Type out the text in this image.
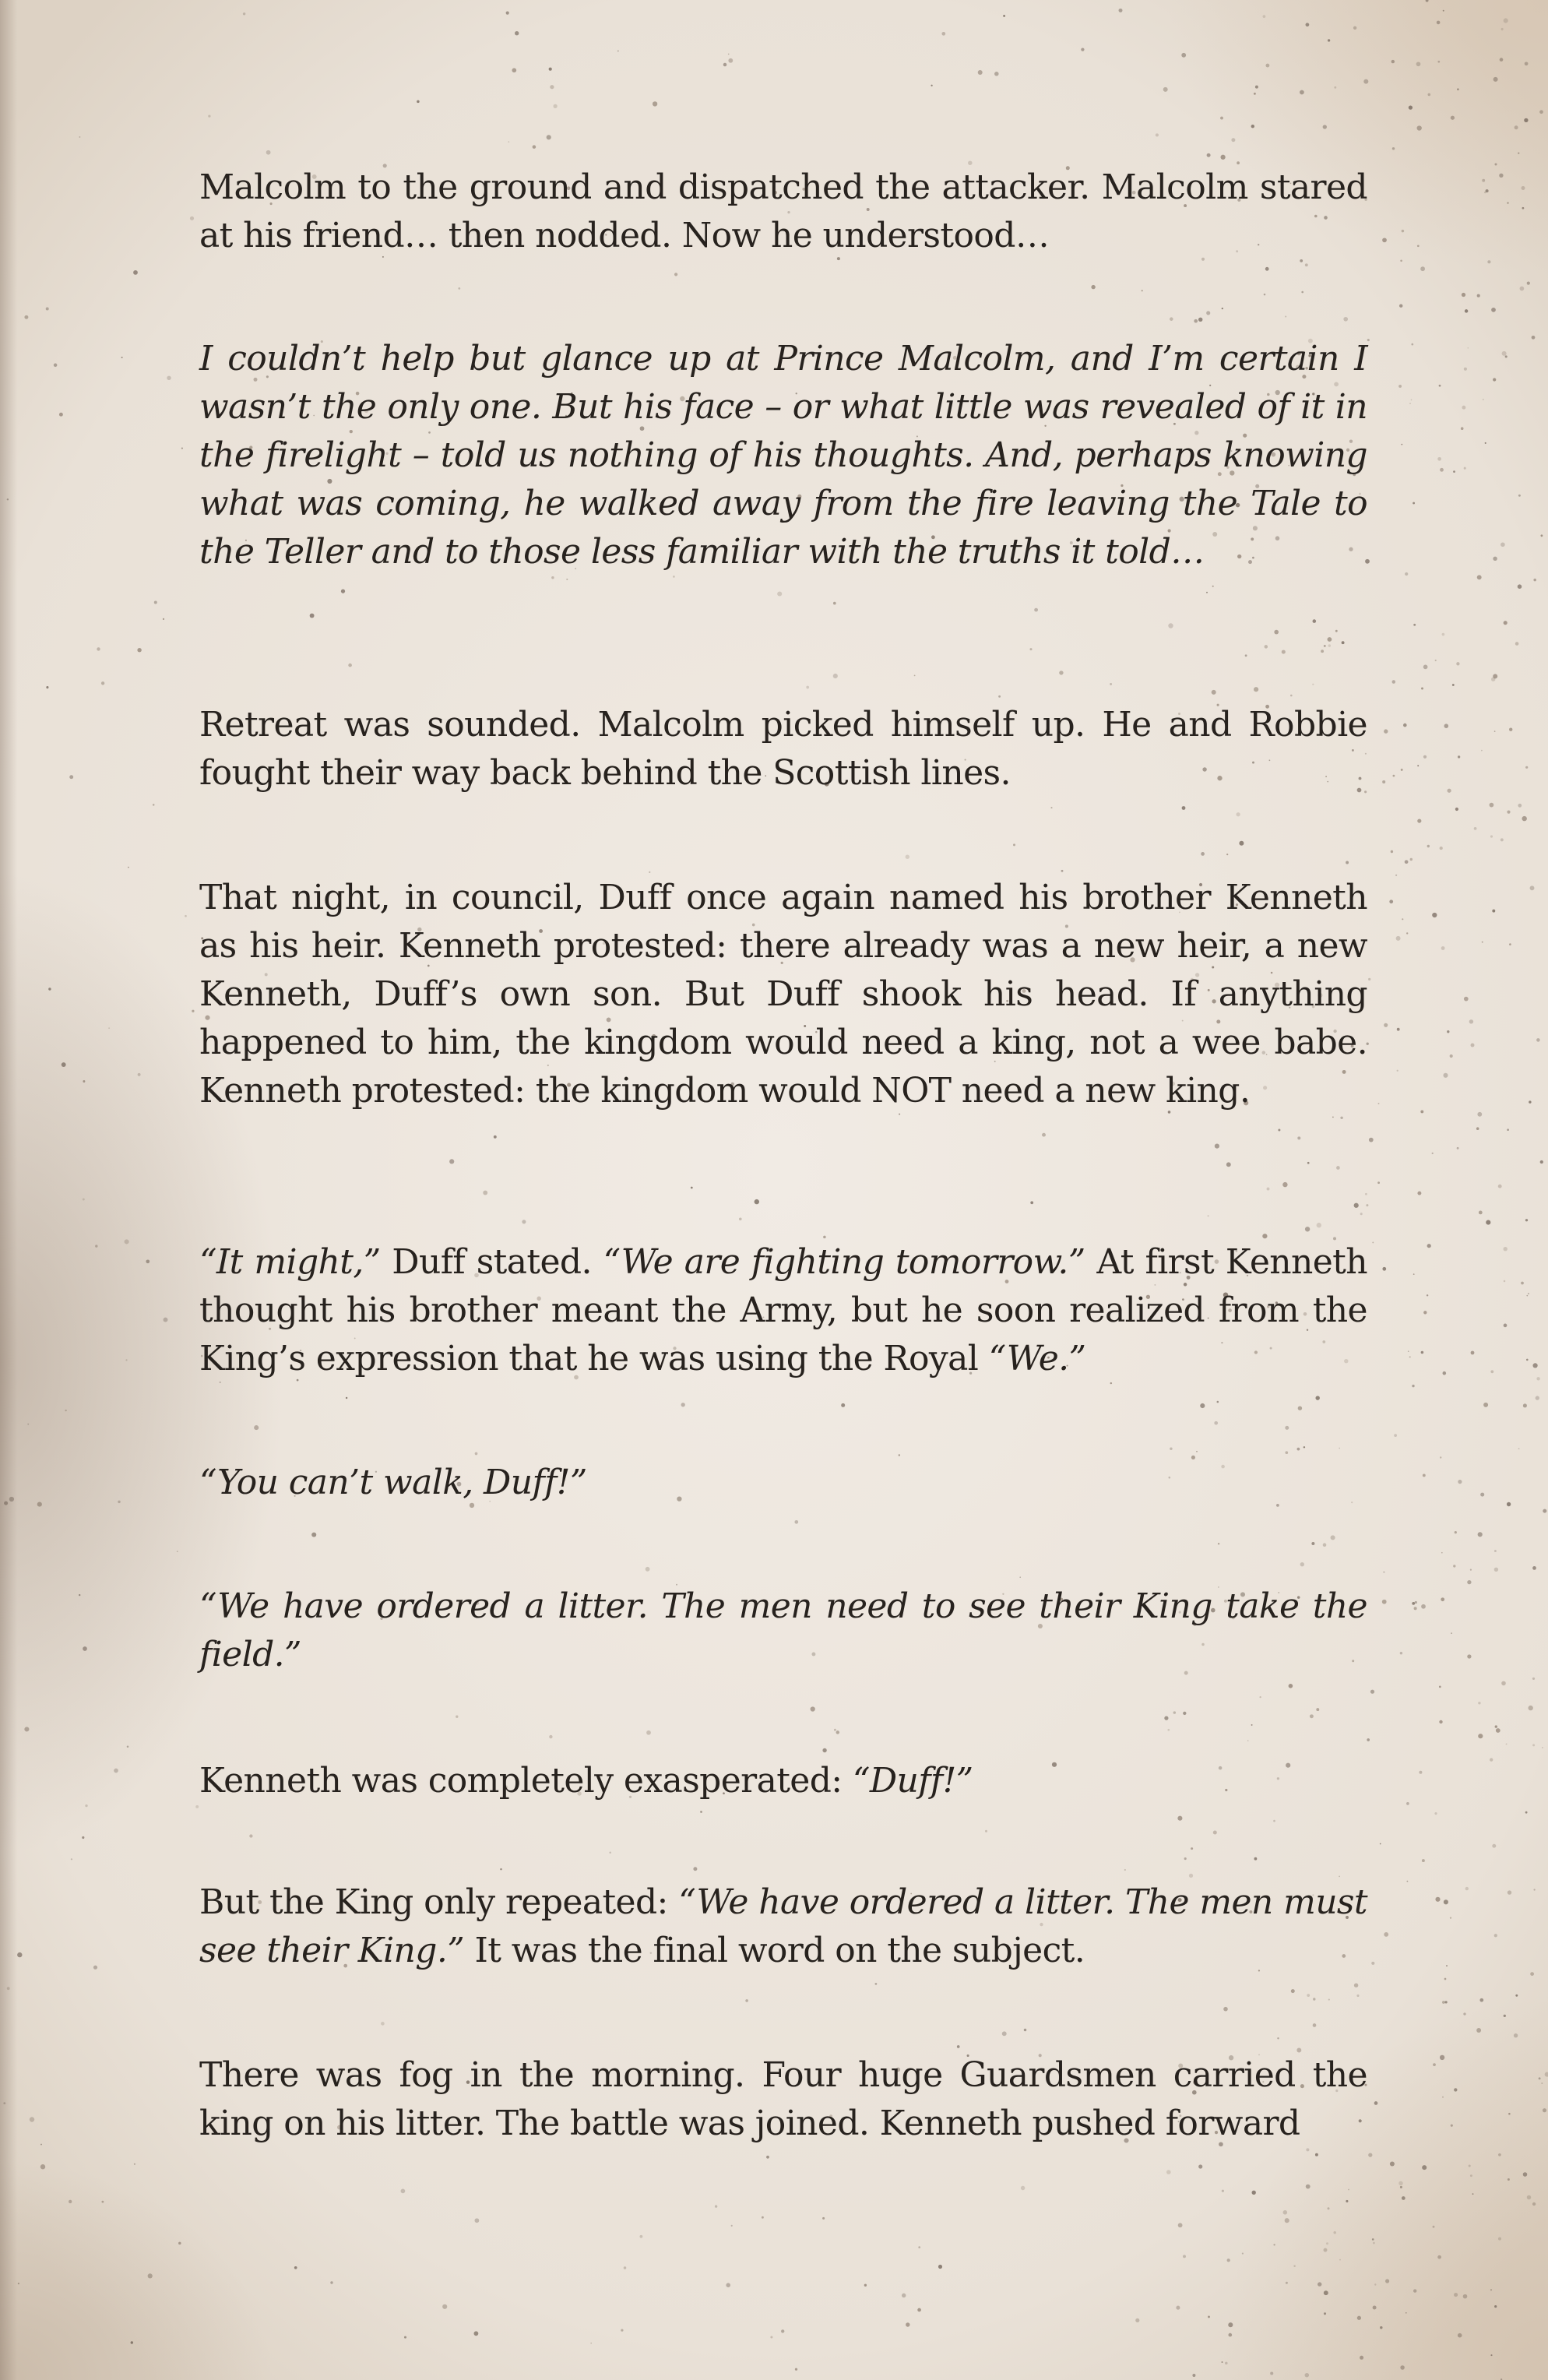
Malcolm to the ground and dispatched the attacker. Malcolm stared at his friend… then nodded. Now he understood…

I couldn’t help but glance up at Prince Malcolm, and I’m certain I wasn’t the only one. But his face – or what little was revealed of it in the firelight – told us nothing of his thoughts. And, perhaps knowing what was coming, he walked away from the fire leaving the Tale to the Teller and to those less familiar with the truths it told…

Retreat was sounded. Malcolm picked himself up. He and Robbie fought their way back behind the Scottish lines.

That night, in council, Duff once again named his brother Kenneth as his heir. Kenneth protested: there already was a new heir, a new Kenneth, Duff’s own son. But Duff shook his head. If anything happened to him, the kingdom would need a king, not a wee babe. Kenneth protested: the kingdom would NOT need a new king.

“It might,” Duff stated. “We are fighting tomorrow.” At first Kenneth thought his brother meant the Army, but he soon realized from the King’s expression that he was using the Royal “We.”

“You can’t walk, Duff!”

“We have ordered a litter. The men need to see their King take the field.”

Kenneth was completely exasperated: “Duff!”

But the King only repeated: “We have ordered a litter. The men must see their King.” It was the final word on the subject.

There was fog in the morning. Four huge Guardsmen carried the king on his litter. The battle was joined. Kenneth pushed forward
